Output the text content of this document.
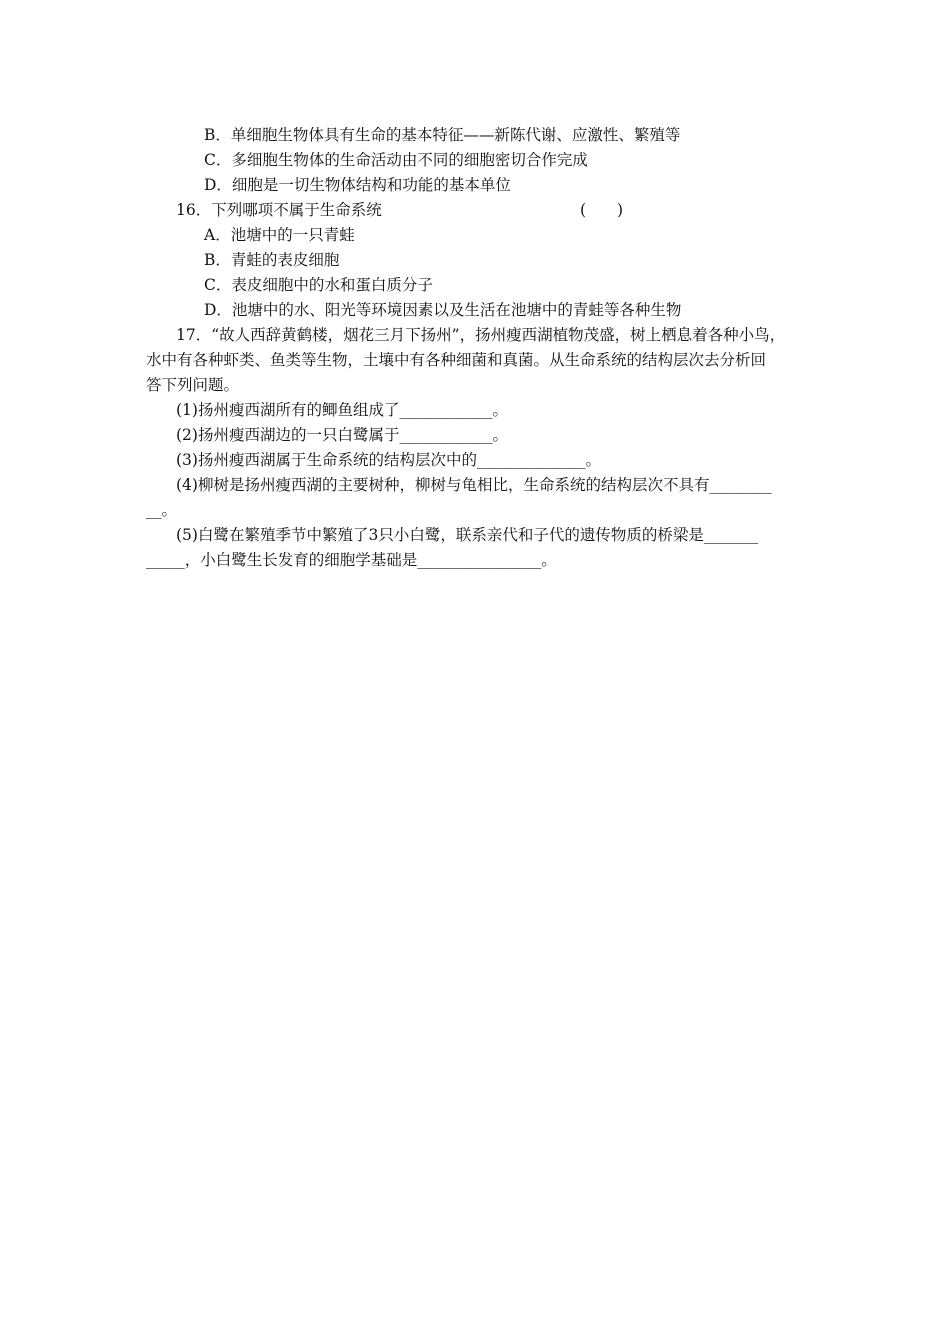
B．单细胞生物体具有生命的基本特征——新陈代谢、应激性、繁殖等
C．多细胞生物体的生命活动由不同的细胞密切合作完成
D．细胞是一切生物体结构和功能的基本单位
16．下列哪项不属于生命系统	(　　)
A．池塘中的一只青蛙
B．青蛙的表皮细胞
C．表皮细胞中的水和蛋白质分子
D．池塘中的水、阳光等环境因素以及生活在池塘中的青蛙等各种生物
17．“故人西辞黄鹤楼，烟花三月下扬州”，扬州瘦西湖植物茂盛，树上栖息着各种小鸟，
水中有各种虾类、鱼类等生物，土壤中有各种细菌和真菌。从生命系统的结构层次去分析回
答下列问题。
(1)扬州瘦西湖所有的鲫鱼组成了____________。
(2)扬州瘦西湖边的一只白鹭属于____________。
(3)扬州瘦西湖属于生命系统的结构层次中的______________。
(4)柳树是扬州瘦西湖的主要树种，柳树与龟相比，生命系统的结构层次不具有________
__。
(5)白鹭在繁殖季节中繁殖了3只小白鹭，联系亲代和子代的遗传物质的桥梁是_______
_____，小白鹭生长发育的细胞学基础是________________。
